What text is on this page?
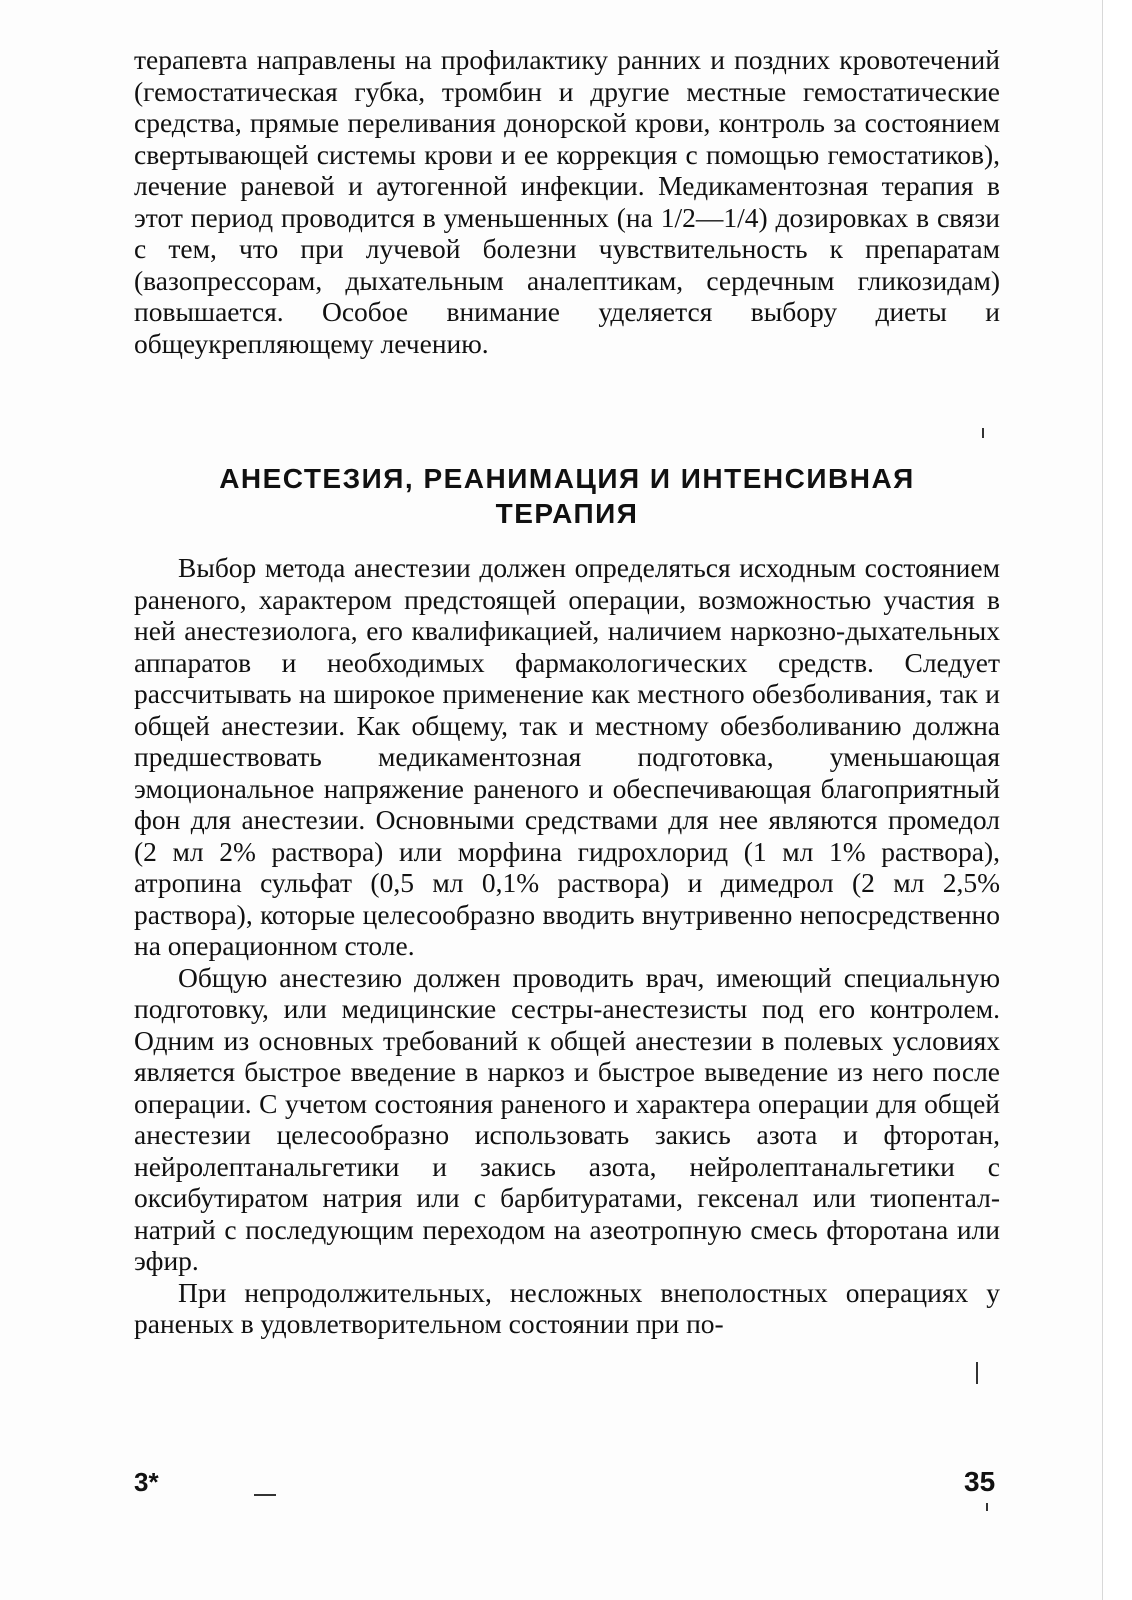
терапевта направлены на профилактику ранних и поздних кровотечений (гемостатическая губка, тромбин и другие местные гемостатические средства, прямые переливания донорской крови, контроль за состоянием свертывающей системы крови и ее коррекция с помощью гемостатиков), лечение раневой и аутогенной инфекции. Медикаментозная терапия в этот период проводится в уменьшенных (на 1/2—1/4) дозировках в связи с тем, что при лучевой болезни чувствительность к препаратам (вазопрессорам, дыхательным аналептикам, сердечным гликозидам) повышается. Особое внимание уделяется выбору диеты и общеукрепляющему лечению.

АНЕСТЕЗИЯ, РЕАНИМАЦИЯ И ИНТЕНСИВНАЯ
ТЕРАПИЯ

Выбор метода анестезии должен определяться исходным состоянием раненого, характером предстоящей операции, возможностью участия в ней анестезиолога, его квалификацией, наличием наркозно-дыхательных аппаратов и необходимых фармакологических средств. Следует рассчитывать на широкое применение как местного обезболивания, так и общей анестезии. Как общему, так и местному обезболиванию должна предшествовать медикаментозная подготовка, уменьшающая эмоциональное напряжение раненого и обеспечивающая благоприятный фон для анестезии. Основными средствами для нее являются промедол (2 мл 2% раствора) или морфина гидрохлорид (1 мл 1% раствора), атропина сульфат (0,5 мл 0,1% раствора) и димедрол (2 мл 2,5% раствора), которые целесообразно вводить внутривенно непосредственно на операционном столе.

Общую анестезию должен проводить врач, имеющий специальную подготовку, или медицинские сестры-анестезисты под его контролем. Одним из основных требований к общей анестезии в полевых условиях является быстрое введение в наркоз и быстрое выведение из него после операции. С учетом состояния раненого и характера операции для общей анестезии целесообразно использовать закись азота и фторотан, нейролептанальгетики и закись азота, нейролептанальгетики с оксибутиратом натрия или с барбитуратами, гексенал или тиопентал-натрий с последующим переходом на азеотропную смесь фторотана или эфир.

При непродолжительных, несложных внеполостных операциях у раненых в удовлетворительном состоянии при по-

3*	35
